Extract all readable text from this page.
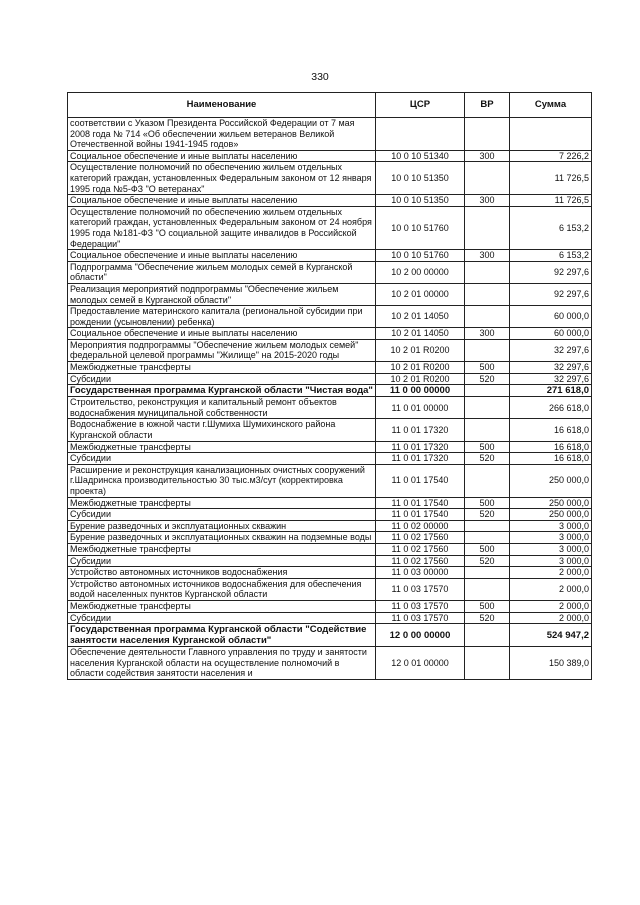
330
Наименование	ЦСР	ВР	Сумма
соответствии с Указом Президента Российской Федерации от 7 мая 2008 года № 714 «Об обеспечении жильем ветеранов Великой Отечественной войны 1941-1945 годов»			
Социальное обеспечение и иные выплаты населению	10 0 10 51340	300	7 226,2
Осуществление полномочий по обеспечению жильем отдельных категорий граждан, установленных Федеральным законом от 12 января 1995 года №5-ФЗ "О ветеранах"	10 0 10 51350		11 726,5
Социальное обеспечение и иные выплаты населению	10 0 10 51350	300	11 726,5
Осуществление полномочий по обеспечению жильем отдельных категорий граждан, установленных Федеральным законом от 24 ноября 1995 года №181-ФЗ "О социальной защите инвалидов в Российской Федерации"	10 0 10 51760		6 153,2
Социальное обеспечение и иные выплаты населению	10 0 10 51760	300	6 153,2
Подпрограмма "Обеспечение жильем молодых семей в Курганской области"	10 2 00 00000		92 297,6
Реализация мероприятий подпрограммы "Обеспечение жильем молодых семей в Курганской области"	10 2 01 00000		92 297,6
Предоставление материнского капитала (региональной субсидии при рождении (усыновлении) ребенка)	10 2 01 14050		60 000,0
Социальное обеспечение и иные выплаты населению	10 2 01 14050	300	60 000,0
Мероприятия подпрограммы "Обеспечение жильем молодых семей" федеральной целевой программы "Жилище" на 2015-2020 годы	10 2 01 R0200		32 297,6
Межбюджетные трансферты	10 2 01 R0200	500	32 297,6
Субсидии	10 2 01 R0200	520	32 297,6
Государственная программа Курганской области "Чистая вода"	11 0 00 00000		271 618,0
Строительство, реконструкция и капитальный ремонт объектов водоснабжения муниципальной собственности	11 0 01 00000		266 618,0
Водоснабжение в южной части г.Шумиха Шумихинского района Курганской области	11 0 01 17320		16 618,0
Межбюджетные трансферты	11 0 01 17320	500	16 618,0
Субсидии	11 0 01 17320	520	16 618,0
Расширение и реконструкция канализационных очистных сооружений г.Шадринска производительностью 30 тыс.м3/сут (корректировка проекта)	11 0 01 17540		250 000,0
Межбюджетные трансферты	11 0 01 17540	500	250 000,0
Субсидии	11 0 01 17540	520	250 000,0
Бурение разведочных и эксплуатационных скважин	11 0 02 00000		3 000,0
Бурение разведочных и эксплуатационных скважин на подземные воды	11 0 02 17560		3 000,0
Межбюджетные трансферты	11 0 02 17560	500	3 000,0
Субсидии	11 0 02 17560	520	3 000,0
Устройство автономных источников водоснабжения	11 0 03 00000		2 000,0
Устройство автономных источников водоснабжения для обеспечения водой населенных пунктов Курганской области	11 0 03 17570		2 000,0
Межбюджетные трансферты	11 0 03 17570	500	2 000,0
Субсидии	11 0 03 17570	520	2 000,0
Государственная программа Курганской области "Содействие занятости населения Курганской области"	12 0 00 00000		524 947,2
Обеспечение деятельности Главного управления по труду и занятости населения Курганской области на осуществление полномочий в области содействия занятости населения и	12 0 01 00000		150 389,0
